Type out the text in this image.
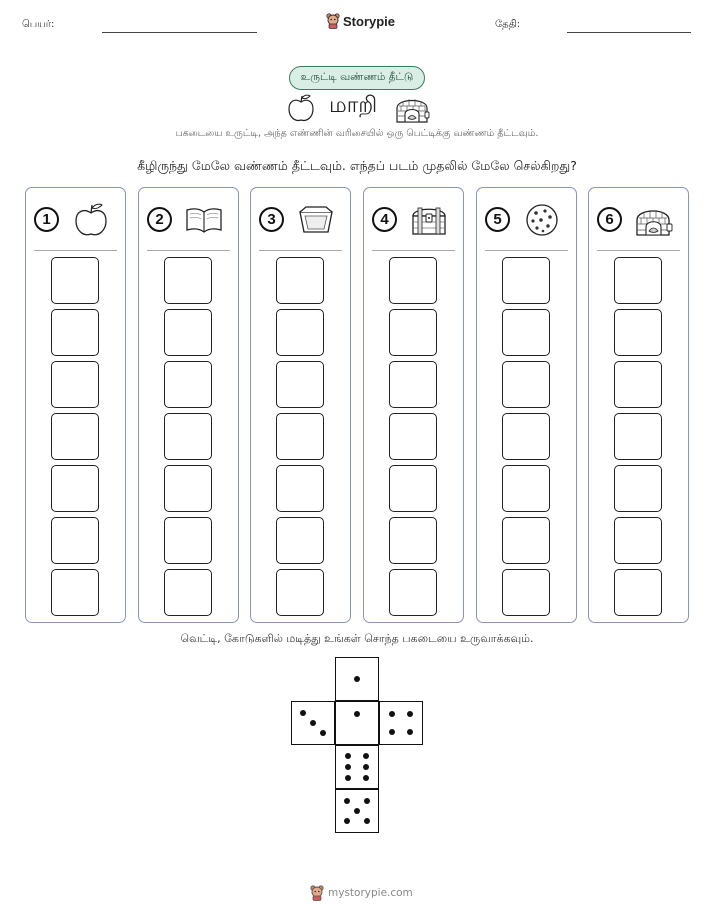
பெயர்:	Storypie	தேதி:
உருட்டி வண்ணம் தீட்டு
மாறி
பகடையை உருட்டி, அந்த எண்ணின் வரிசையில் ஒரு பெட்டிக்கு வண்ணம் தீட்டவும்.
கீழிருந்து மேலே வண்ணம் தீட்டவும். எந்தப் படம் முதலில் மேலே செல்கிறது?
1	2	3	4	5	6
வெட்டி, கோடுகளில் மடித்து உங்கள் சொந்த பகடையை உருவாக்கவும்.
mystorypie.com
